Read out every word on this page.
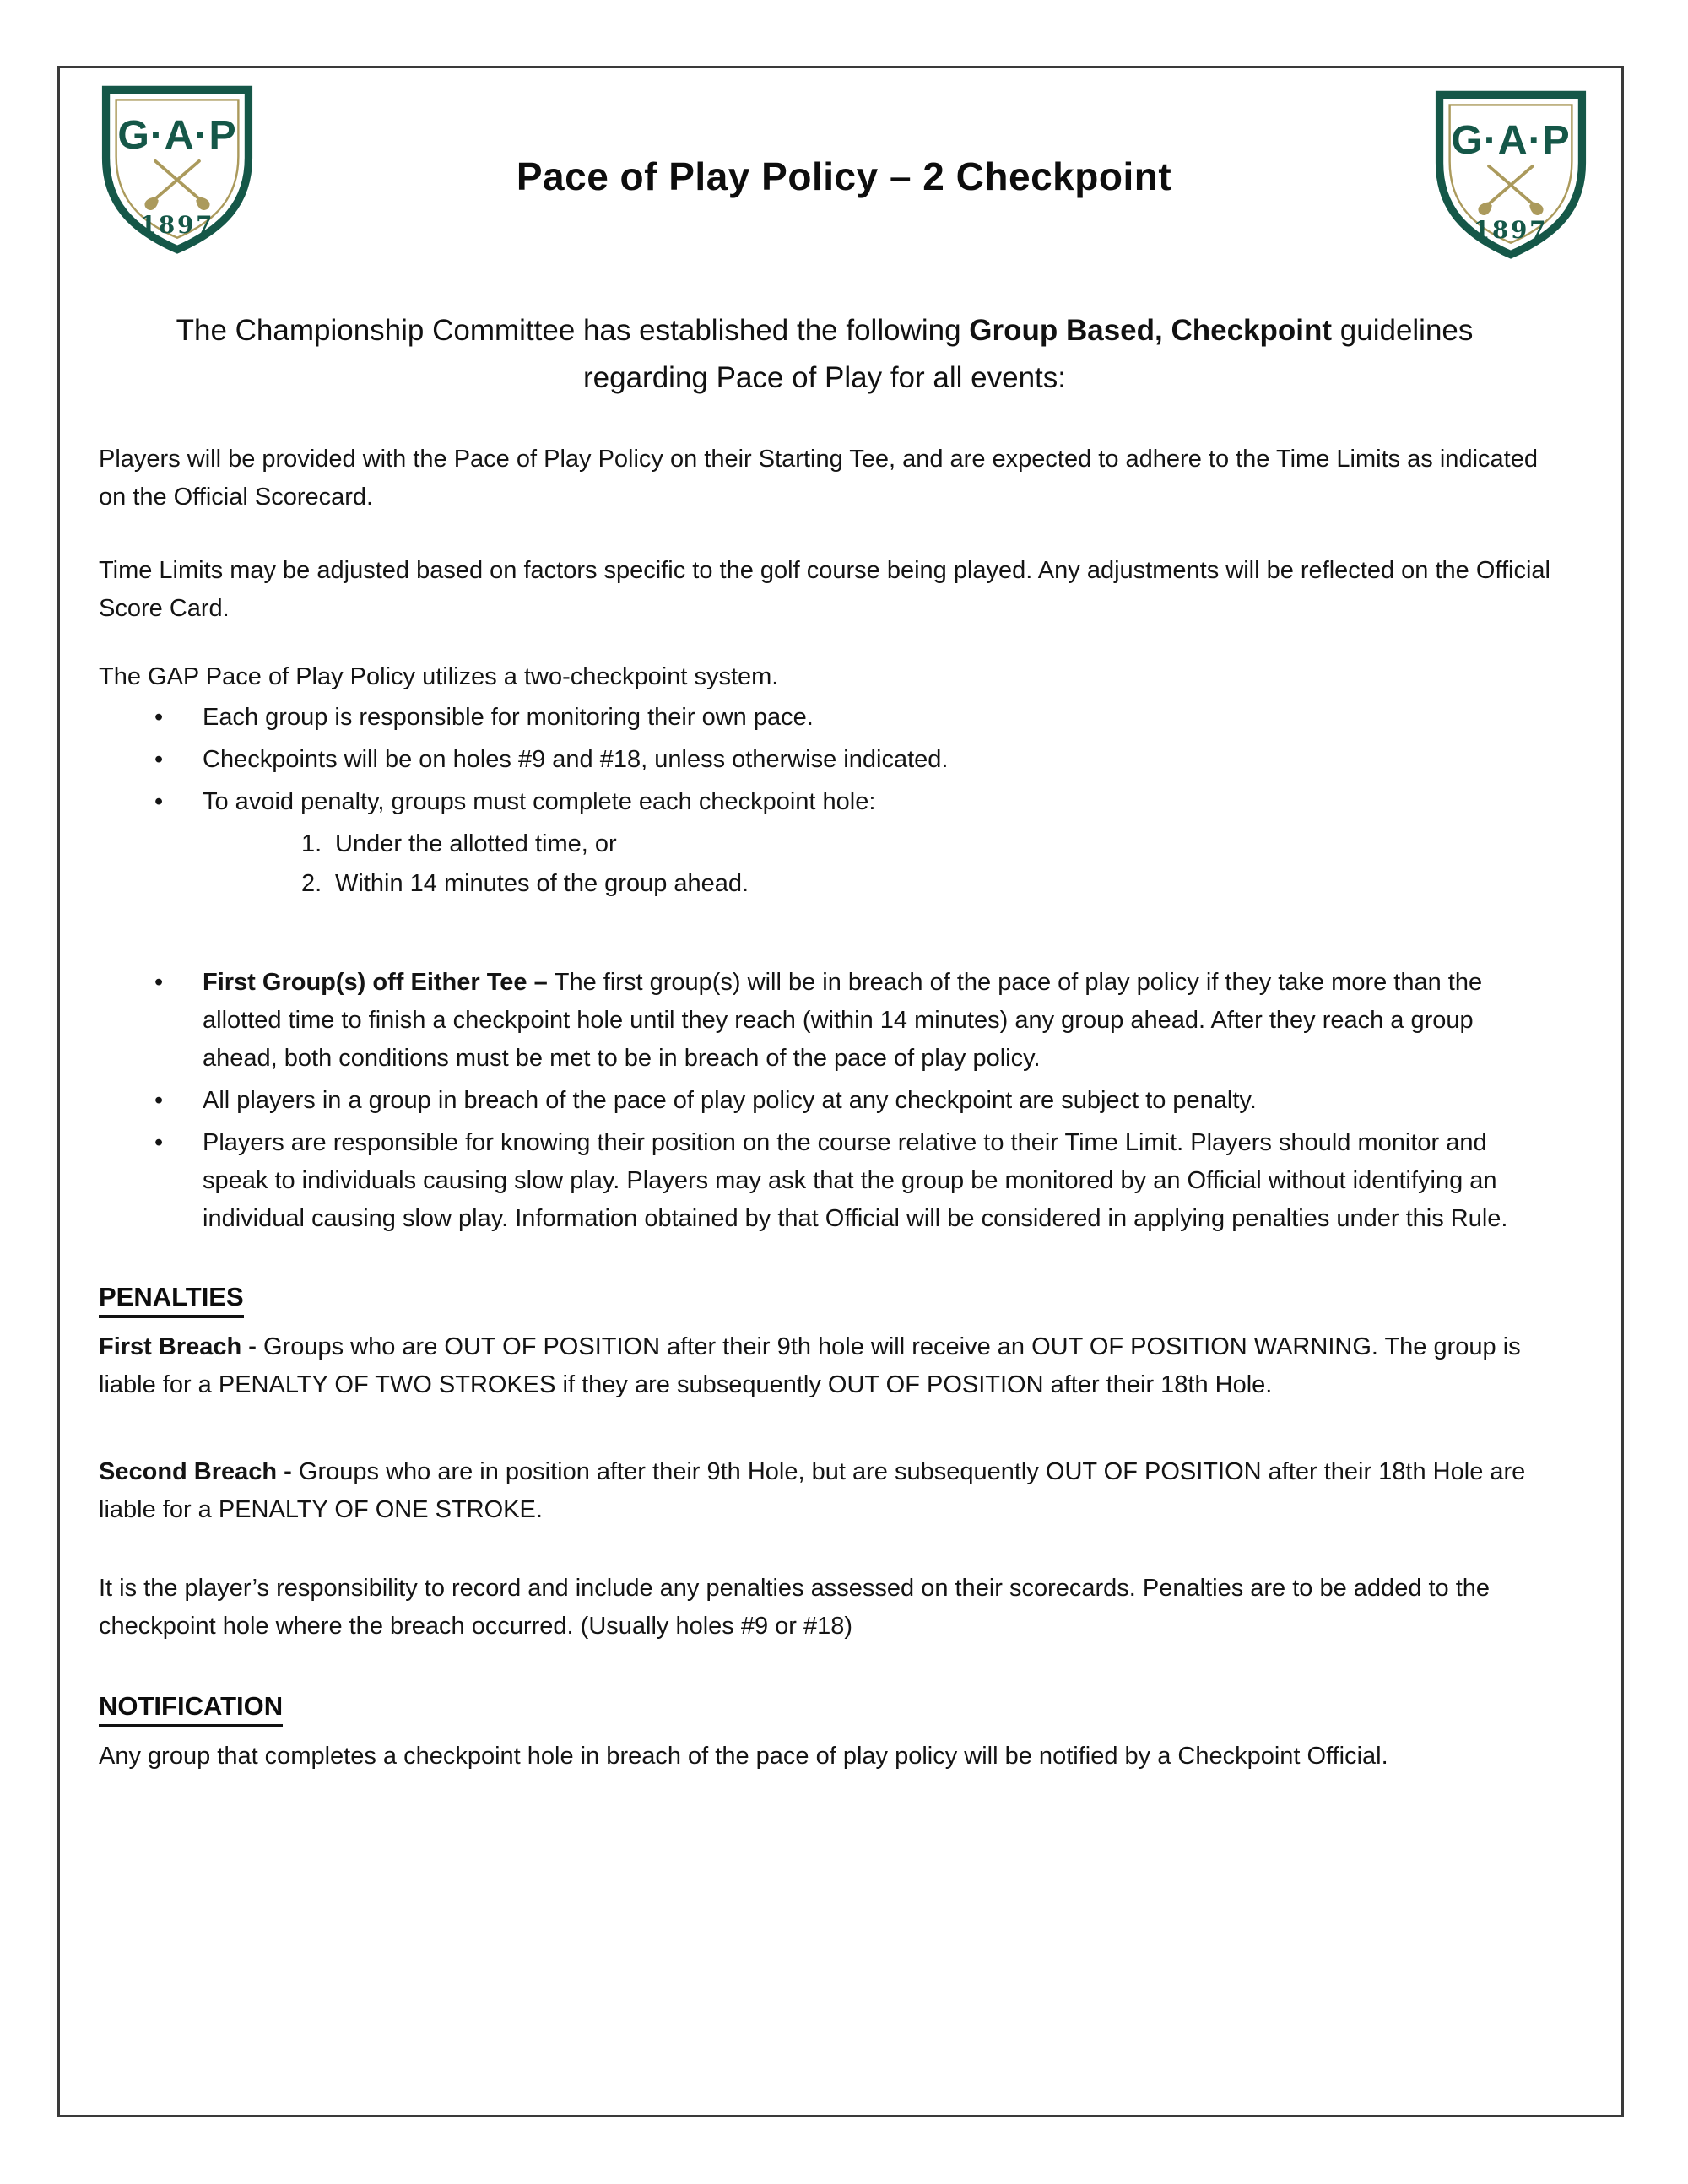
G·A·P
1897
Pace of Play Policy – 2 Checkpoint
G·A·P
1897
The Championship Committee has established the following Group Based, Checkpoint guidelines regarding Pace of Play for all events:
Players will be provided with the Pace of Play Policy on their Starting Tee, and are expected to adhere to the Time Limits as indicated on the Official Scorecard.
Time Limits may be adjusted based on factors specific to the golf course being played. Any adjustments will be reflected on the Official Score Card.
The GAP Pace of Play Policy utilizes a two-checkpoint system.
•	Each group is responsible for monitoring their own pace.
•	Checkpoints will be on holes #9 and #18, unless otherwise indicated.
•	To avoid penalty, groups must complete each checkpoint hole:
1. Under the allotted time, or
2. Within 14 minutes of the group ahead.
•	First Group(s) off Either Tee – The first group(s) will be in breach of the pace of play policy if they take more than the allotted time to finish a checkpoint hole until they reach (within 14 minutes) any group ahead. After they reach a group ahead, both conditions must be met to be in breach of the pace of play policy.
•	All players in a group in breach of the pace of play policy at any checkpoint are subject to penalty.
•	Players are responsible for knowing their position on the course relative to their Time Limit. Players should monitor and speak to individuals causing slow play. Players may ask that the group be monitored by an Official without identifying an individual causing slow play. Information obtained by that Official will be considered in applying penalties under this Rule.
PENALTIES
First Breach - Groups who are OUT OF POSITION after their 9th hole will receive an OUT OF POSITION WARNING. The group is liable for a PENALTY OF TWO STROKES if they are subsequently OUT OF POSITION after their 18th Hole.
Second Breach - Groups who are in position after their 9th Hole, but are subsequently OUT OF POSITION after their 18th Hole are liable for a PENALTY OF ONE STROKE.
It is the player’s responsibility to record and include any penalties assessed on their scorecards. Penalties are to be added to the checkpoint hole where the breach occurred. (Usually holes #9 or #18)
NOTIFICATION
Any group that completes a checkpoint hole in breach of the pace of play policy will be notified by a Checkpoint Official.
